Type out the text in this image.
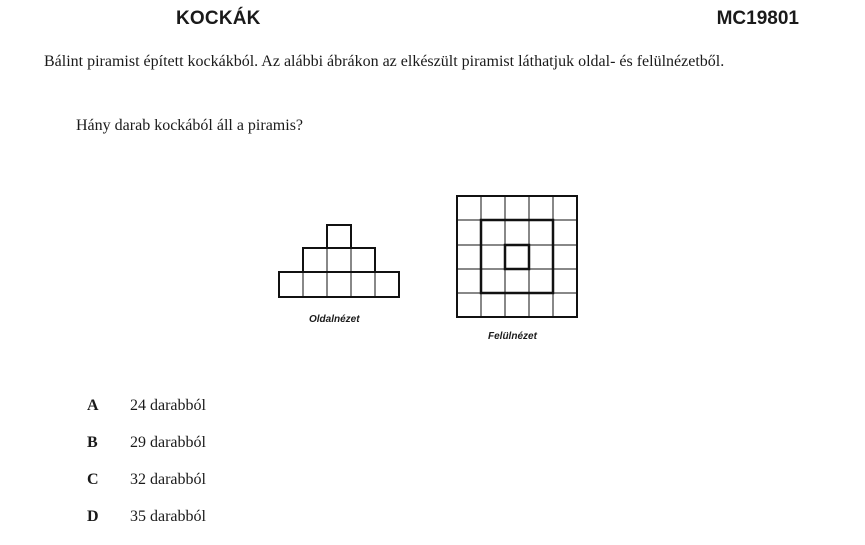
KOCKÁK	MC19801

Bálint piramist épített kockákból. Az alábbi ábrákon az elkészült piramist láthatjuk oldal- és felülnézetből.

Hány darab kockából áll a piramis?

Oldalnézet
Felülnézet
A	24 darabból
B	29 darabból
C	32 darabból
D	35 darabból
